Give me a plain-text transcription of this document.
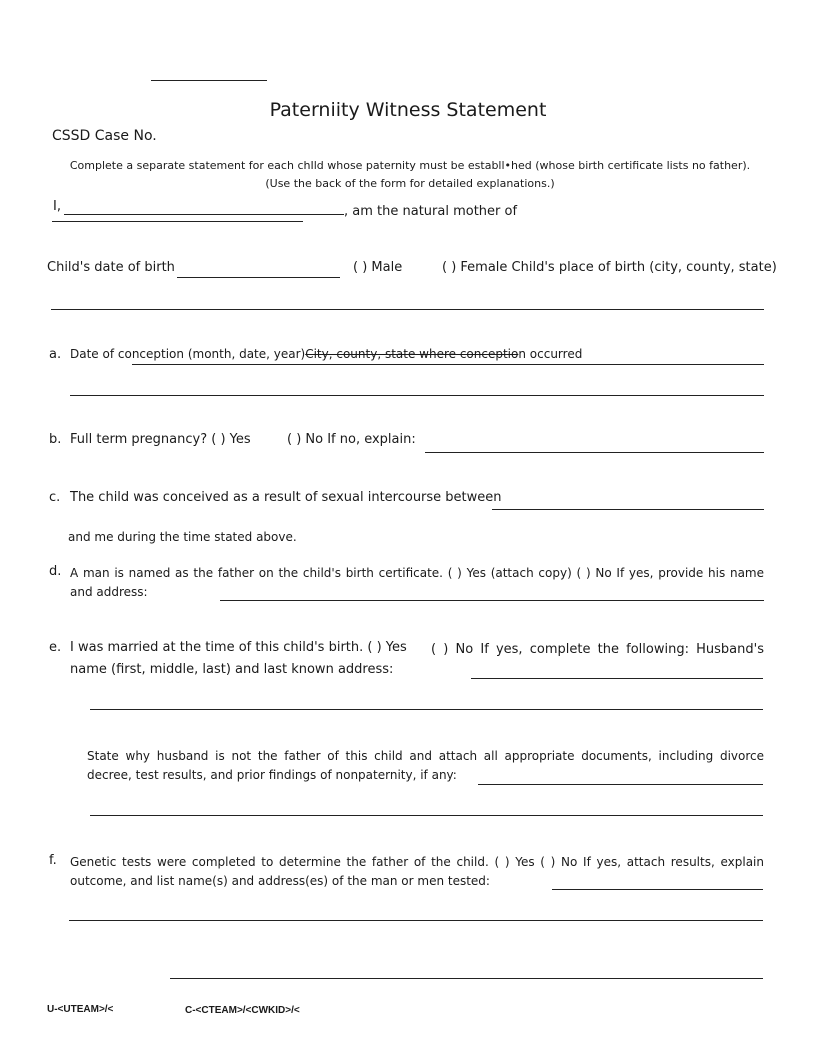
Paterniity Witness Statement
CSSD Case No.
Complete a separate statement for each chIld whose paternity must be establl•hed (whose birth certificate lists no father). (Use the back of the form for detailed explanations.)
I,	, am the natural mother of
Child's date of birth	( ) Male	( ) Female Child's place of birth (city, county, state)
a. Date of conception (month, date, year)City, county, state where conception occurred
b. Full term pregnancy? ( ) Yes	( ) No If no, explain:
c. The child was conceived as a result of sexual intercourse between
and me during the time stated above.
d. A man is named as the father on the child's birth certificate. ( ) Yes (attach copy) ( ) No If yes, provide his name and address:
e. I was married at the time of this child's birth. ( ) Yes	( ) No If yes, complete the following: Husband's name (first, middle, last) and last known address:
State why husband is not the father of this child and attach all appropriate documents, including divorce decree, test results, and prior findings of nonpaternity, if any:
f. Genetic tests were completed to determine the father of the child. ( ) Yes ( ) No If yes, attach results, explain outcome, and list name(s) and address(es) of the man or men tested:
U-<UTEAM>/<	C-<CTEAM>/<CWKID>/<
